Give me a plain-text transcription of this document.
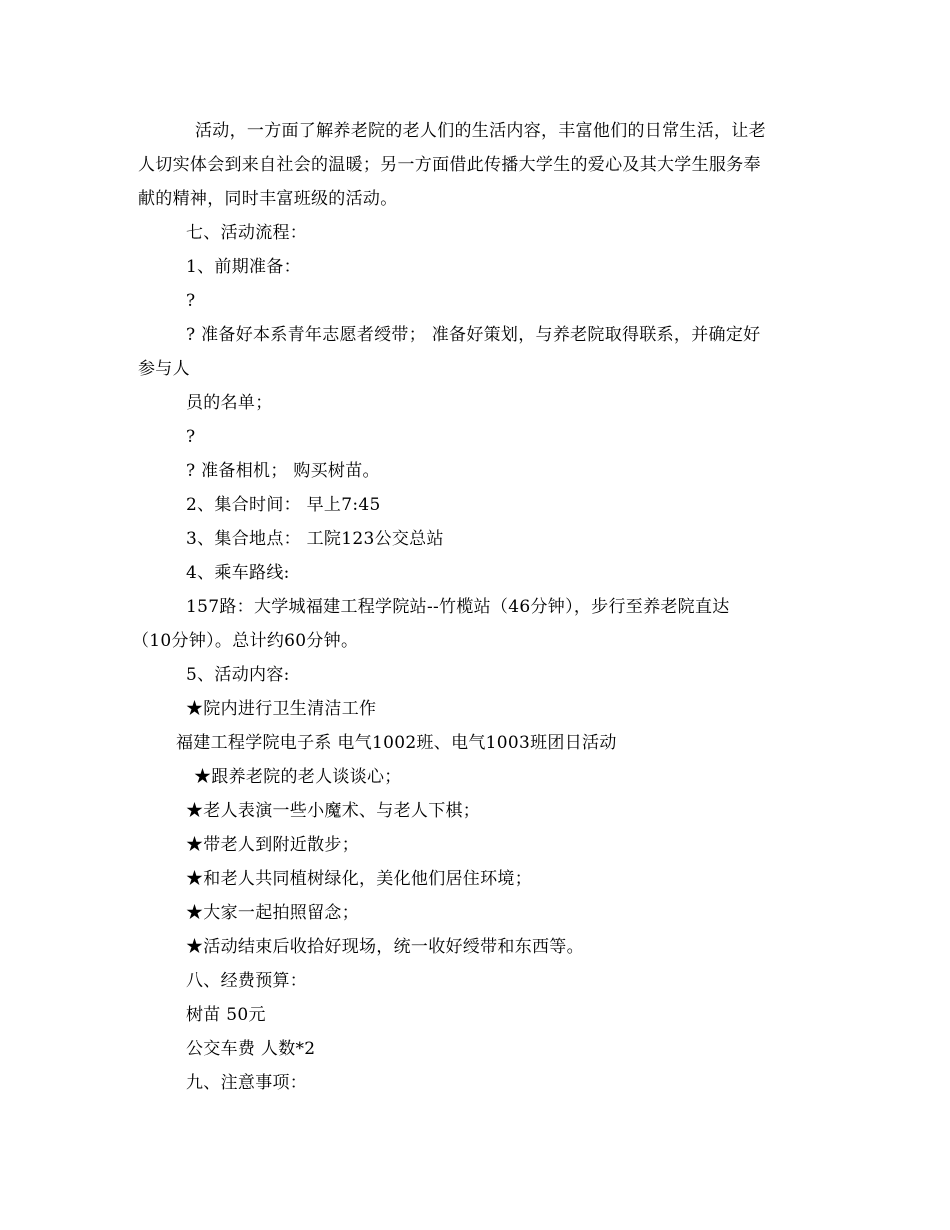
活动，一方面了解养老院的老人们的生活内容，丰富他们的日常生活，让老
人切实体会到来自社会的温暖；另一方面借此传播大学生的爱心及其大学生服务奉
献的精神，同时丰富班级的活动。
七、活动流程：
1、前期准备：
?
? 准备好本系青年志愿者绶带； 准备好策划，与养老院取得联系，并确定好
参与人
员的名单；
?
? 准备相机； 购买树苗。
2、集合时间： 早上7:45
3、集合地点： 工院123公交总站
4、乘车路线:
157路：大学城福建工程学院站--竹榄站（46分钟），步行至养老院直达
（10分钟）。总计约60分钟。
5、活动内容:
★院内进行卫生清洁工作
福建工程学院电子系 电气1002班、电气1003班团日活动
★跟养老院的老人谈谈心；
★老人表演一些小魔术、与老人下棋；
★带老人到附近散步；
★和老人共同植树绿化，美化他们居住环境；
★大家一起拍照留念；
★活动结束后收拾好现场，统一收好绶带和东西等。
八、经费预算：
树苗 50元
公交车费 人数*2
九、注意事项：
